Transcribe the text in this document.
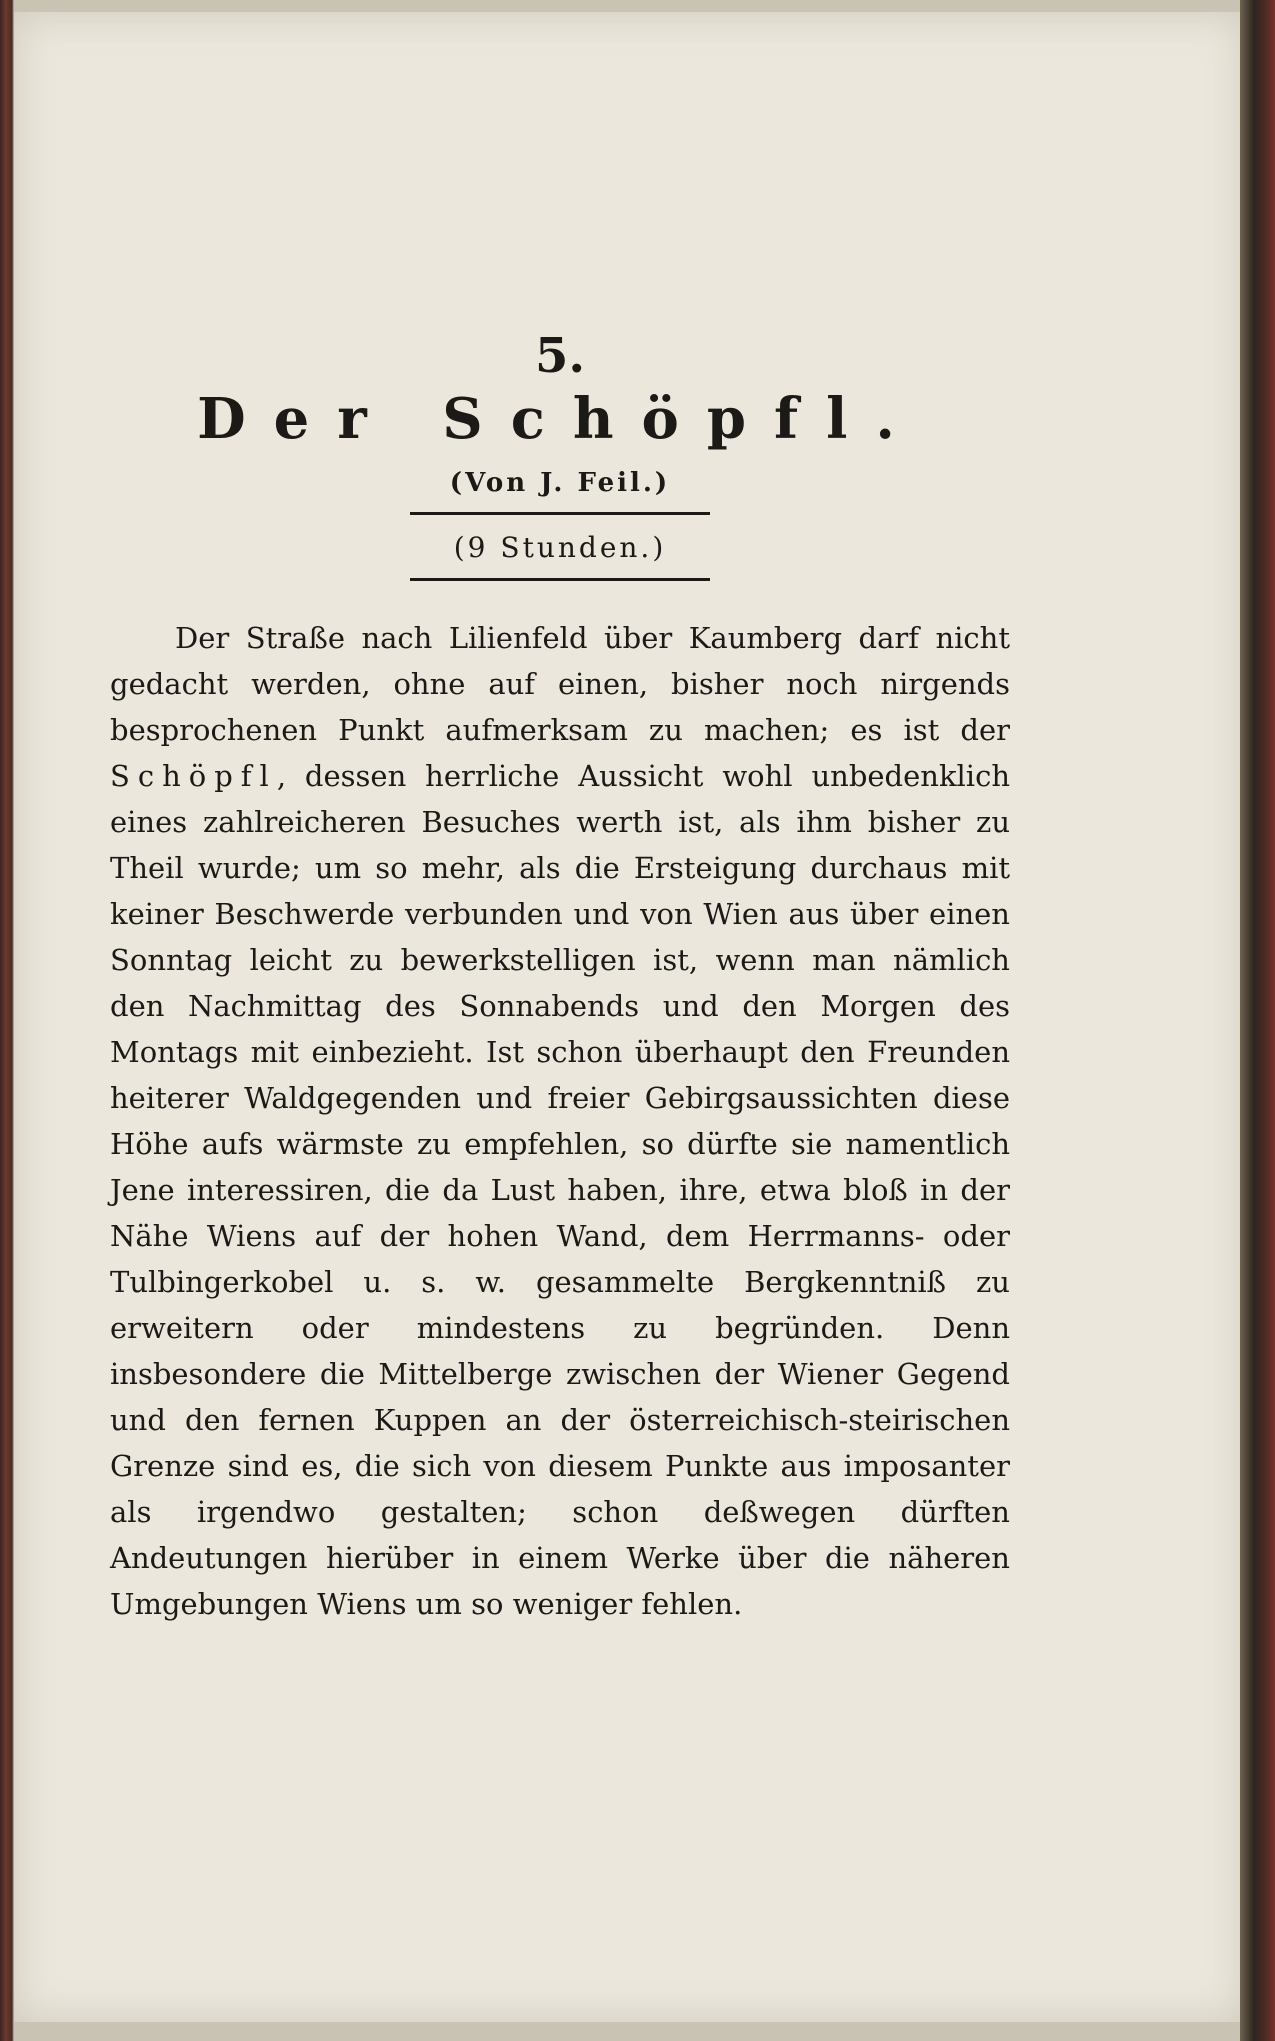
5.
Der Schöpfl.
(Von J. Feil.)
(9 Stunden.)

Der Straße nach Lilienfeld über Kaumberg darf nicht gedacht werden, ohne auf einen, bisher noch nirgends besprochenen Punkt aufmerksam zu machen; es ist der Schöpfl, dessen herrliche Aussicht wohl unbedenklich eines zahlreicheren Besuches werth ist, als ihm bisher zu Theil wurde; um so mehr, als die Ersteigung durchaus mit keiner Beschwerde verbunden und von Wien aus über einen Sonntag leicht zu bewerkstelligen ist, wenn man nämlich den Nachmittag des Sonnabends und den Morgen des Montags mit einbezieht. Ist schon überhaupt den Freunden heiterer Waldgegenden und freier Gebirgsaussichten diese Höhe aufs wärmste zu empfehlen, so dürfte sie namentlich Jene interessiren, die da Lust haben, ihre, etwa bloß in der Nähe Wiens auf der hohen Wand, dem Herrmanns- oder Tulbingerkobel u. s. w. gesammelte Bergkenntniß zu erweitern oder mindestens zu begründen. Denn insbesondere die Mittelberge zwischen der Wiener Gegend und den fernen Kuppen an der österreichisch-steirischen Grenze sind es, die sich von diesem Punkte aus imposanter als irgendwo gestalten; schon deßwegen dürften Andeutungen hierüber in einem Werke über die näheren Umgebungen Wiens um so weniger fehlen.
